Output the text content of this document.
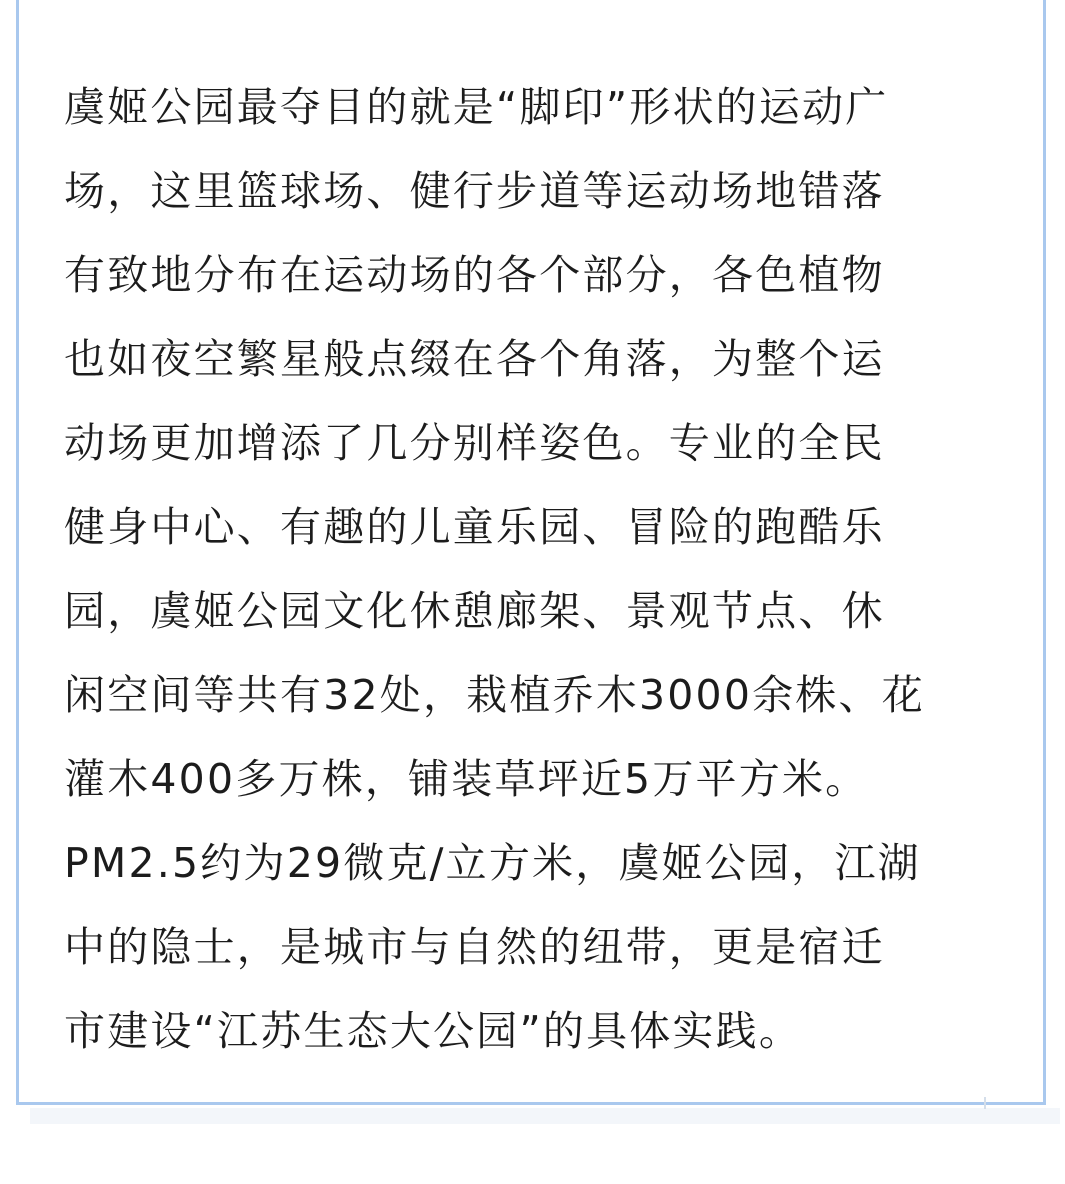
虞姬公园最夺目的就是“脚印”形状的运动广
场，这里篮球场、健行步道等运动场地错落
有致地分布在运动场的各个部分，各色植物
也如夜空繁星般点缀在各个角落，为整个运
动场更加增添了几分别样姿色。专业的全民
健身中心、有趣的儿童乐园、冒险的跑酷乐
园，虞姬公园文化休憩廊架、景观节点、休
闲空间等共有32处，栽植乔木3000余株、花
灌木400多万株，铺装草坪近5万平方米。
PM2.5约为29微克/立方米，虞姬公园，江湖
中的隐士，是城市与自然的纽带，更是宿迁
市建设“江苏生态大公园”的具体实践。
